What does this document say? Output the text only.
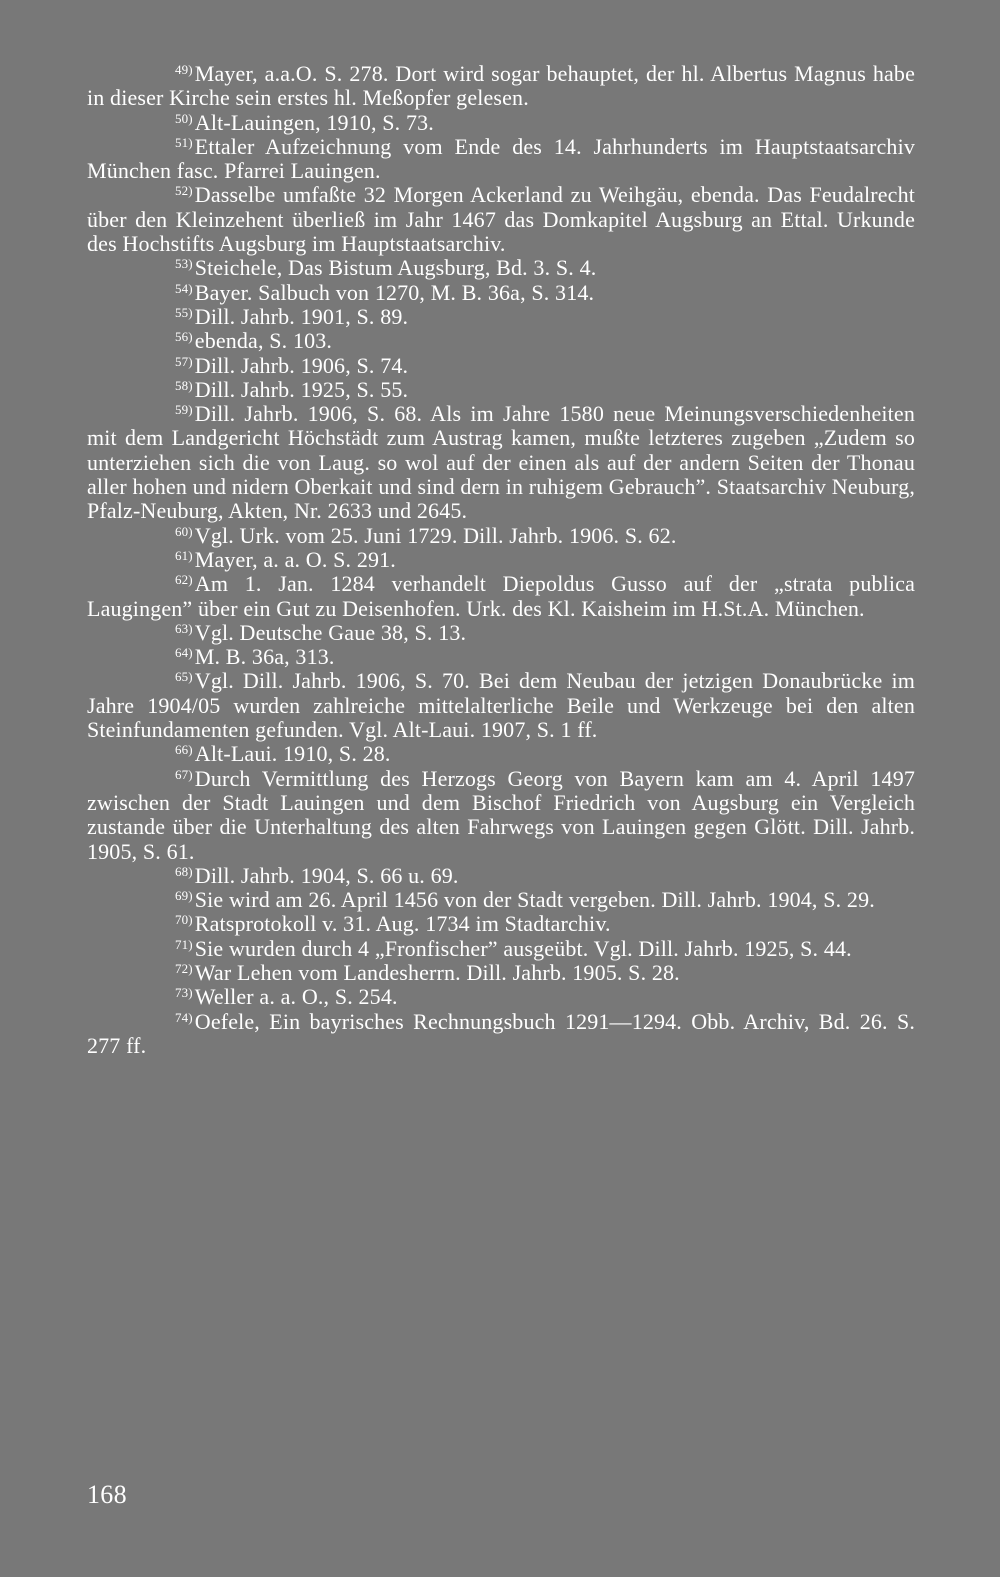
$^{49)}$Mayer, a.a.O. S. 278. Dort wird sogar behauptet, der hl. Albertus Magnus habe in dieser Kirche sein erstes hl. Meßopfer gelesen.

$^{50)}$Alt-Lauingen, 1910, S. 73.

$^{51)}$Ettaler Aufzeichnung vom Ende des 14. Jahrhunderts im Hauptstaatsarchiv München fasc. Pfarrei Lauingen.

$^{52)}$Dasselbe umfaßte 32 Morgen Ackerland zu Weihgäu, ebenda. Das Feudalrecht über den Kleinzehent überließ im Jahr 1467 das Domkapitel Augsburg an Ettal. Urkunde des Hochstifts Augsburg im Hauptstaatsarchiv.

$^{53)}$Steichele, Das Bistum Augsburg, Bd. 3. S. 4.

$^{54)}$Bayer. Salbuch von 1270, M. B. 36a, S. 314.

$^{55)}$Dill. Jahrb. 1901, S. 89.

$^{56)}$ebenda, S. 103.

$^{57)}$Dill. Jahrb. 1906, S. 74.

$^{58)}$Dill. Jahrb. 1925, S. 55.

$^{59)}$Dill. Jahrb. 1906, S. 68. Als im Jahre 1580 neue Meinungsverschiedenheiten mit dem Landgericht Höchstädt zum Austrag kamen, mußte letzteres zugeben „Zudem so unterziehen sich die von Laug. so wol auf der einen als auf der andern Seiten der Thonau aller hohen und nidern Oberkait und sind dern in ruhigem Gebrauch”. Staatsarchiv Neuburg, Pfalz-Neuburg, Akten, Nr. 2633 und 2645.

$^{60)}$Vgl. Urk. vom 25. Juni 1729. Dill. Jahrb. 1906. S. 62.

$^{61)}$Mayer, a. a. O. S. 291.

$^{62)}$Am 1. Jan. 1284 verhandelt Diepoldus Gusso auf der „strata publica Laugingen” über ein Gut zu Deisenhofen. Urk. des Kl. Kaisheim im H.St.A. München.

$^{63)}$Vgl. Deutsche Gaue 38, S. 13.

$^{64)}$M. B. 36a, 313.

$^{65)}$Vgl. Dill. Jahrb. 1906, S. 70. Bei dem Neubau der jetzigen Donaubrücke im Jahre 1904/05 wurden zahlreiche mittelalterliche Beile und Werkzeuge bei den alten Steinfundamenten gefunden. Vgl. Alt-Laui. 1907, S. 1 ff.

$^{66)}$Alt-Laui. 1910, S. 28.

$^{67)}$Durch Vermittlung des Herzogs Georg von Bayern kam am 4. April 1497 zwischen der Stadt Lauingen und dem Bischof Friedrich von Augsburg ein Vergleich zustande über die Unterhaltung des alten Fahrwegs von Lauingen gegen Glött. Dill. Jahrb. 1905, S. 61.

$^{68)}$Dill. Jahrb. 1904, S. 66 u. 69.

$^{69)}$Sie wird am 26. April 1456 von der Stadt vergeben. Dill. Jahrb. 1904, S. 29.

$^{70)}$Ratsprotokoll v. 31. Aug. 1734 im Stadtarchiv.

$^{71)}$Sie wurden durch 4 „Fronfischer” ausgeübt. Vgl. Dill. Jahrb. 1925, S. 44.

$^{72)}$War Lehen vom Landesherrn. Dill. Jahrb. 1905. S. 28.

$^{73)}$Weller a. a. O., S. 254.

$^{74)}$Oefele, Ein bayrisches Rechnungsbuch 1291—1294. Obb. Archiv, Bd. 26. S. 277 ff.

168
